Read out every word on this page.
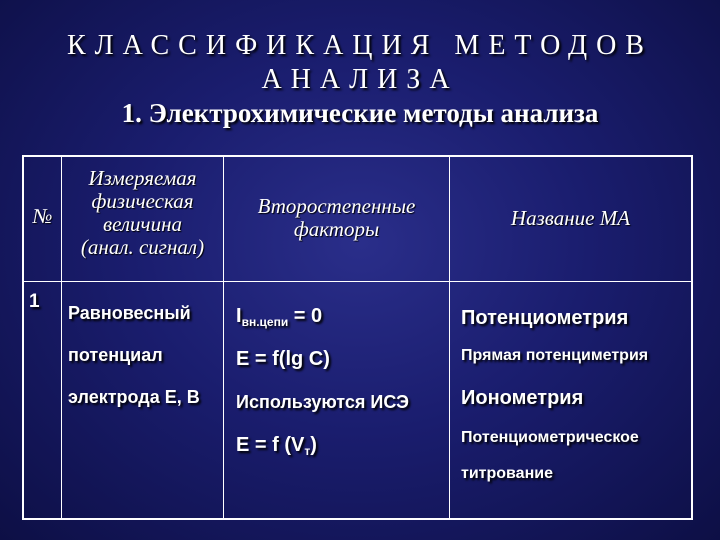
КЛАССИФИКАЦИЯ МЕТОДОВ
АНАЛИЗА
1. Электрохимические методы анализа
№
Измеряемая
физическая
величина
(анал. сигнал)
Второстепенные
факторы	Название МА
1
Равновесный
потенциал
электрода Е, В
$I_{вн.цепи} = 0$
E = f(lg C)
Используются ИСЭ
E = f $(V_т)$
Потенциометрия
Прямая потенциметрия
Ионометрия
Потенциометрическое
титрование
